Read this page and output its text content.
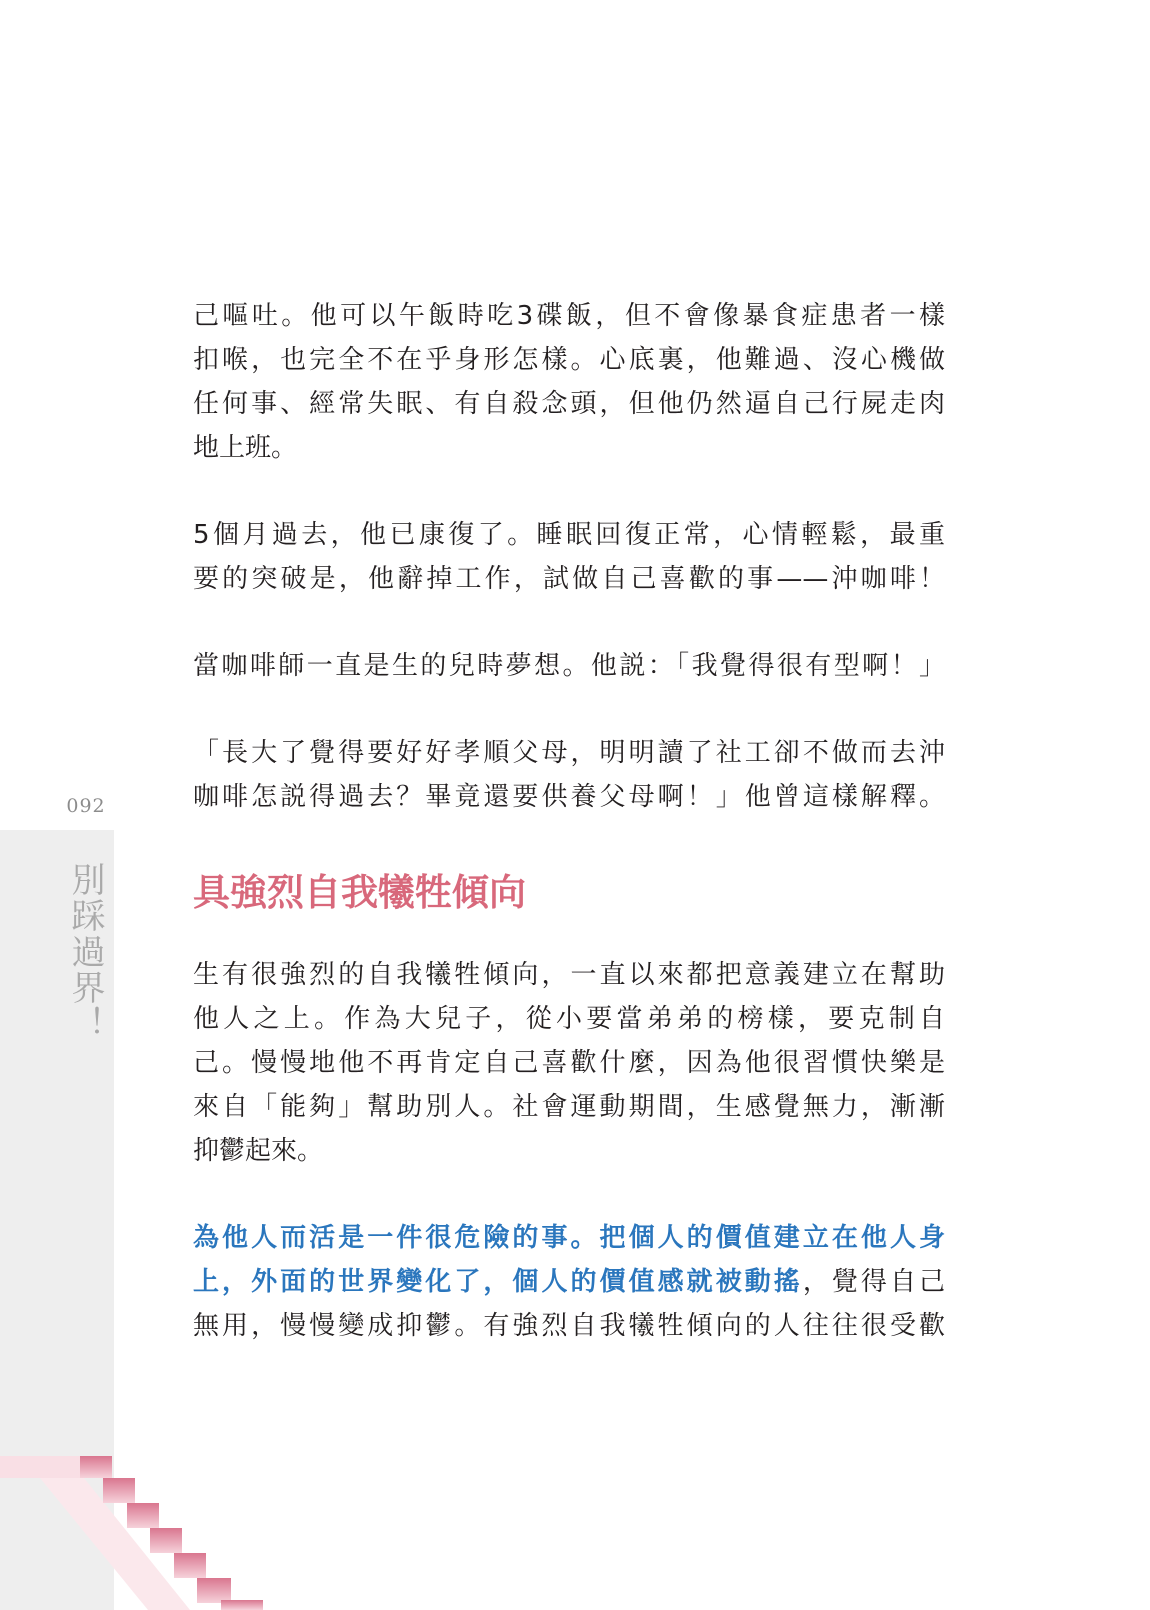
092
別踩過界！
己嘔吐。他可以午飯時吃3碟飯，但不會像暴食症患者一樣
扣喉，也完全不在乎身形怎樣。心底裏，他難過、沒心機做
任何事、經常失眠、有自殺念頭，但他仍然逼自己行屍走肉
地上班。
5個月過去，他已康復了。睡眠回復正常，心情輕鬆，最重
要的突破是，他辭掉工作，試做自己喜歡的事——沖咖啡！
當咖啡師一直是生的兒時夢想。他説：「我覺得很有型啊！」
「長大了覺得要好好孝順父母，明明讀了社工卻不做而去沖
咖啡怎説得過去？畢竟還要供養父母啊！」他曾這樣解釋。
具強烈自我犧牲傾向
生有很強烈的自我犧牲傾向，一直以來都把意義建立在幫助
他人之上。作為大兒子，從小要當弟弟的榜樣，要克制自
己。慢慢地他不再肯定自己喜歡什麼，因為他很習慣快樂是
來自「能夠」幫助別人。社會運動期間，生感覺無力，漸漸
抑鬱起來。
為他人而活是一件很危險的事。把個人的價值建立在他人身
上，外面的世界變化了，個人的價值感就被動搖，覺得自己
無用，慢慢變成抑鬱。有強烈自我犧牲傾向的人往往很受歡
